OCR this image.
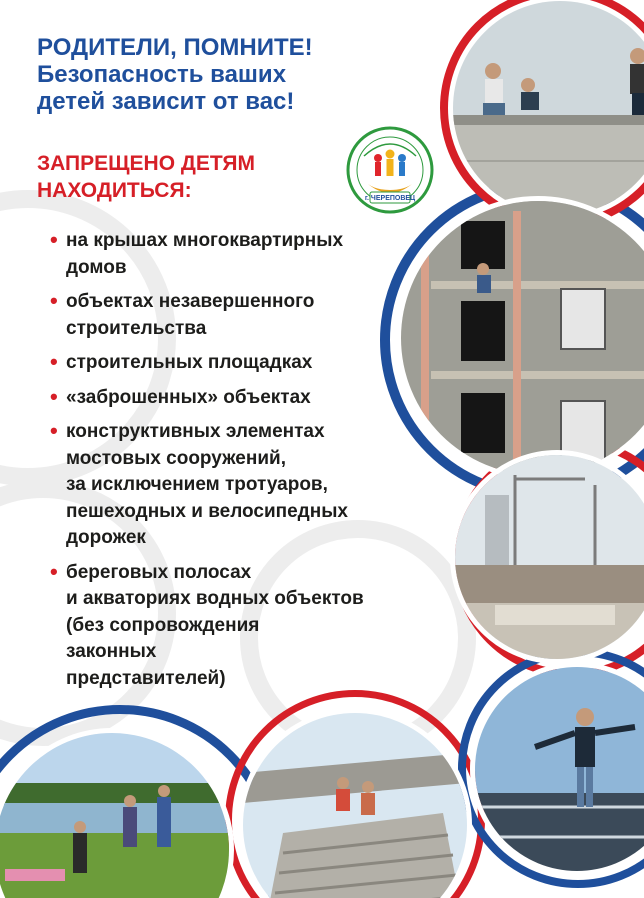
РОДИТЕЛИ, ПОМНИТЕ!
Безопасность ваших
детей зависит от вас!
ЗАПРЕЩЕНО ДЕТЯМ
НАХОДИТЬСЯ:	г. ЧЕРЕПОВЕЦ
• на крышах многоквартирных
домов
• объектах незавершенного
строительства
• строительных площадках
• «заброшенных» объектах
• конструктивных элементах
мостовых сооружений,
за исключением тротуаров,
пешеходных и велосипедных
дорожек
• береговых полосах
и акваториях водных объектов
(без сопровождения
законных
представителей)
